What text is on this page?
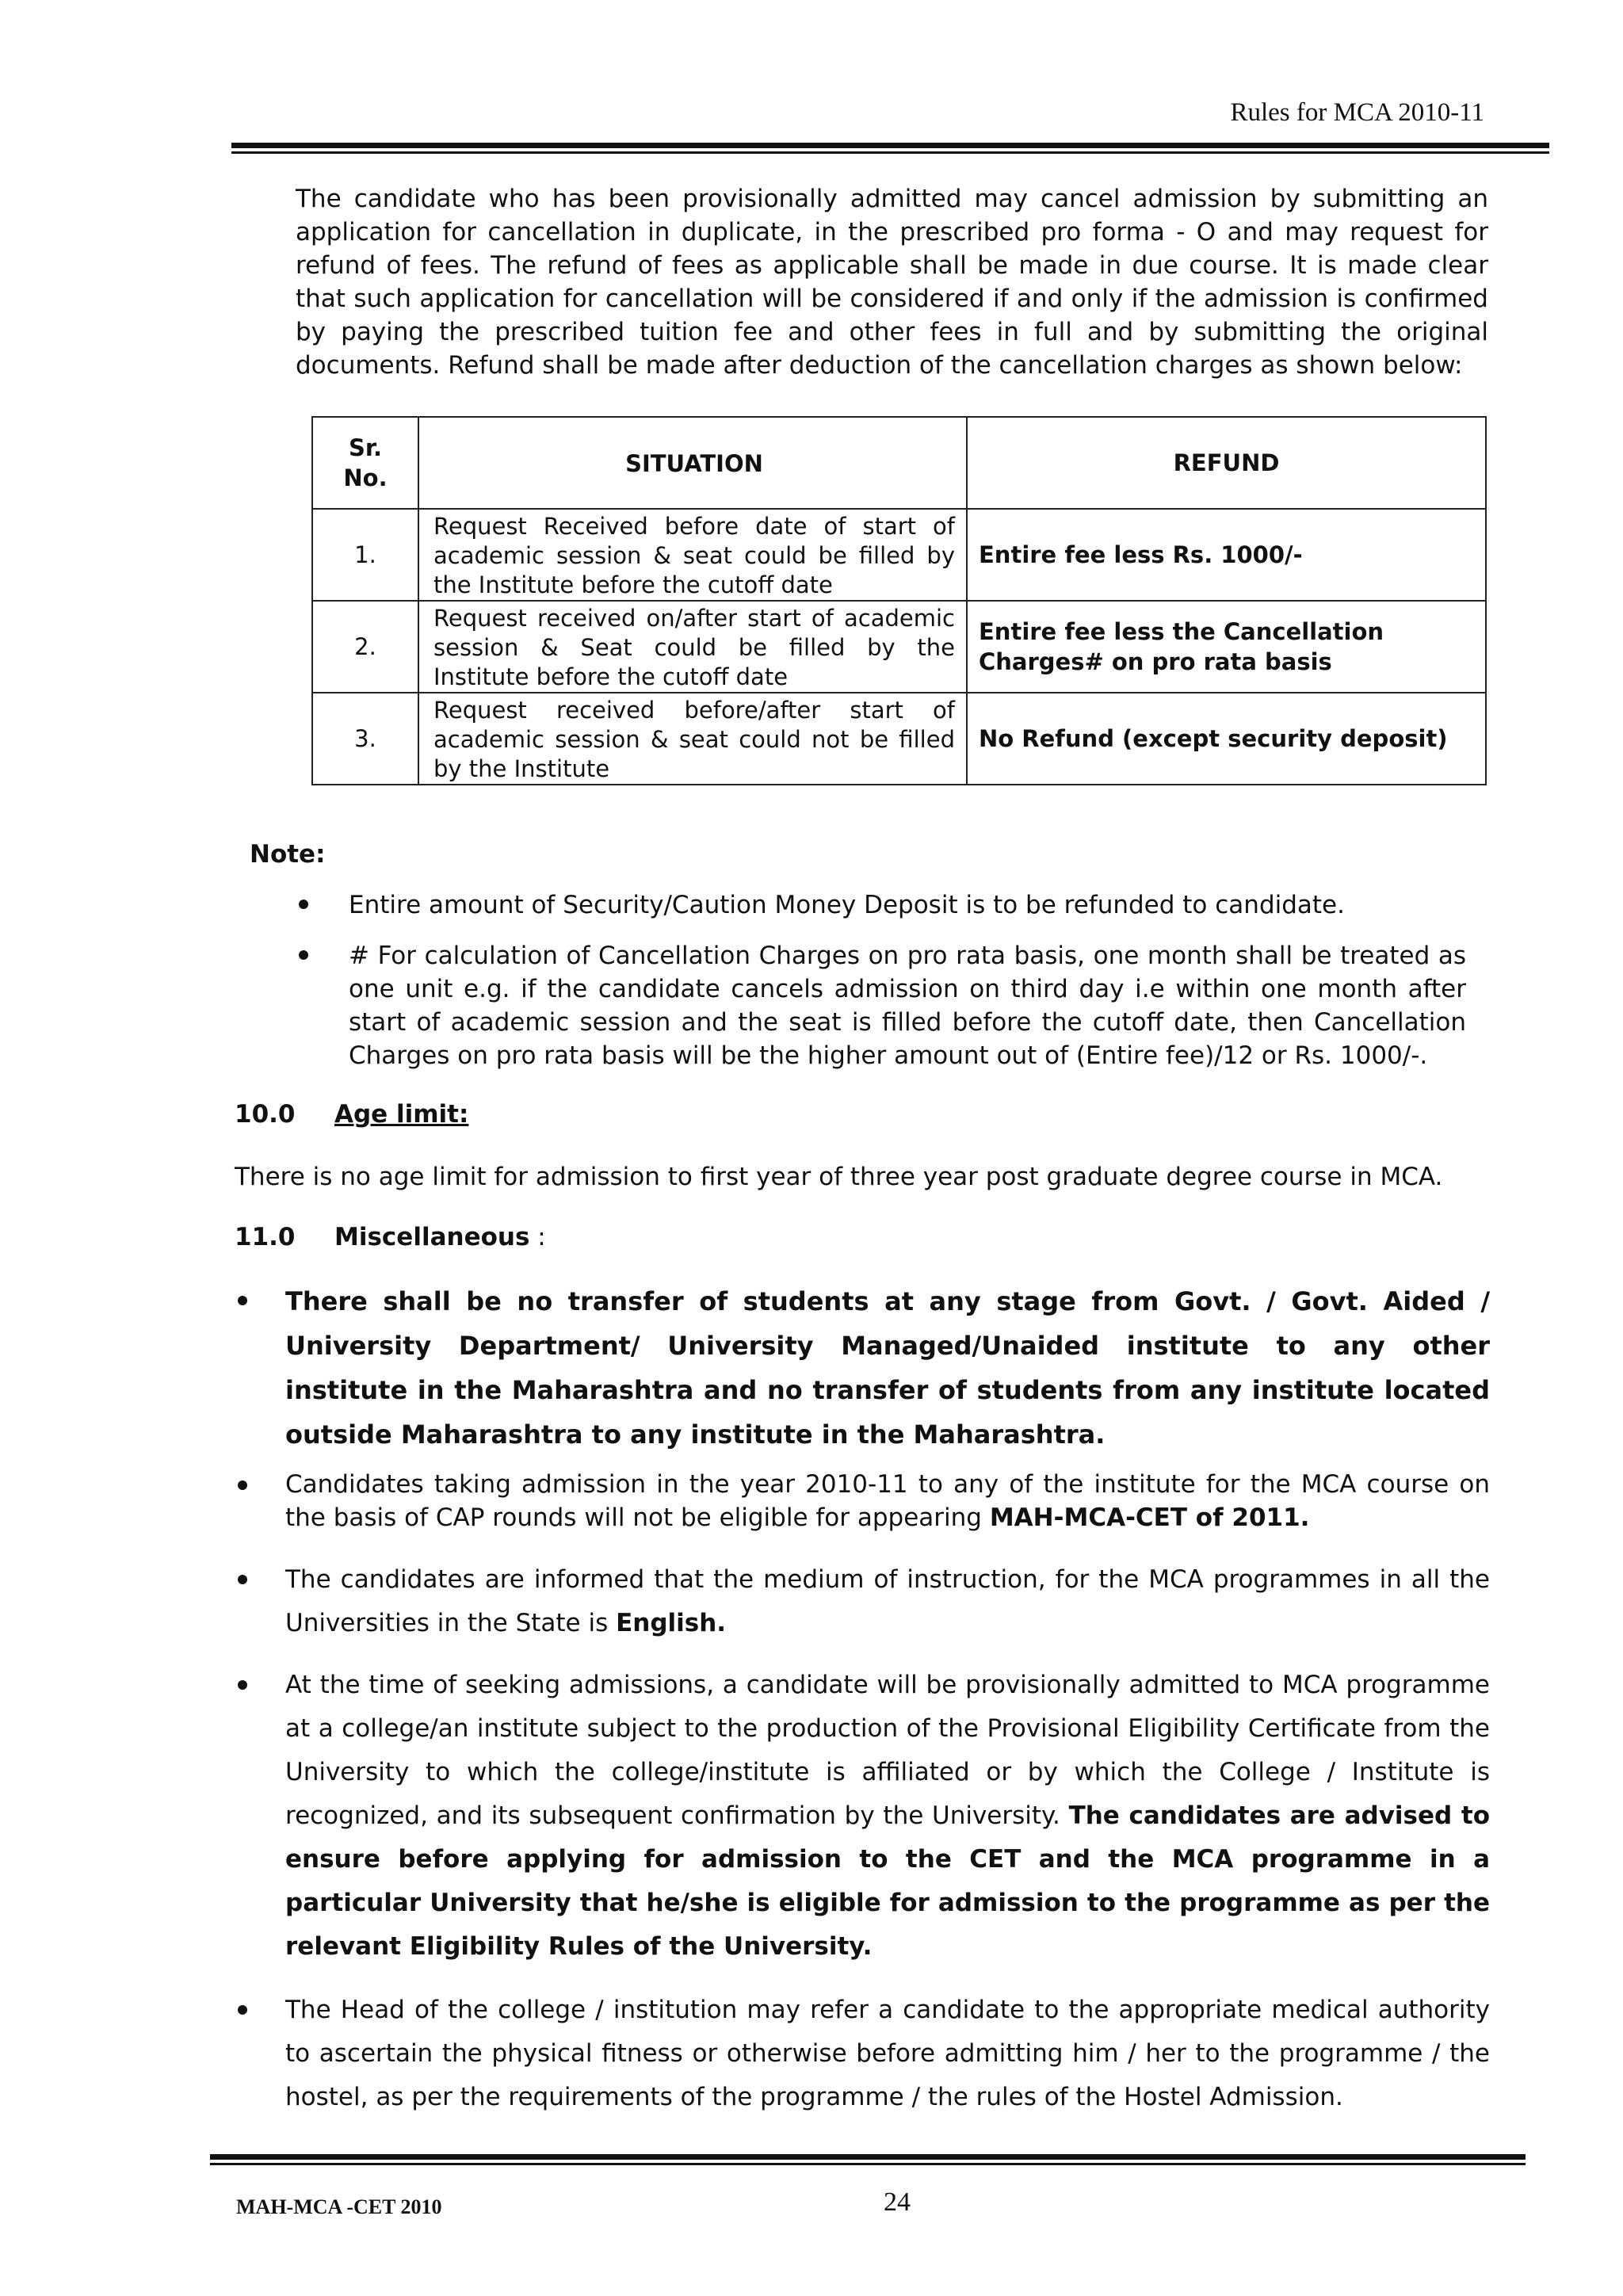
Rules for MCA 2010-11
The candidate who has been provisionally admitted may cancel admission by submitting an application for cancellation in duplicate, in the prescribed pro forma - O and may request for refund of fees. The refund of fees as applicable shall be made in due course. It is made clear that such application for cancellation will be considered if and only if the admission is confirmed by paying the prescribed tuition fee and other fees in full and by submitting the original documents. Refund shall be made after deduction of the cancellation charges as shown below:
Sr. No.	SITUATION	REFUND
1.	Request Received before date of start of academic session & seat could be filled by the Institute before the cutoff date	Entire fee less Rs. 1000/-
2.	Request received on/after start of academic session & Seat could be filled by the Institute before the cutoff date	Entire fee less the Cancellation Charges# on pro rata basis

3.	Request received before/after start of academic session & seat could not be filled by the Institute	No Refund (except security deposit)
Note:
Entire amount of Security/Caution Money Deposit is to be refunded to candidate.
# For calculation of Cancellation Charges on pro rata basis, one month shall be treated as one unit e.g. if the candidate cancels admission on third day i.e within one month after start of academic session and the seat is filled before the cutoff date, then Cancellation Charges on pro rata basis will be the higher amount out of (Entire fee)/12 or Rs. 1000/-.
10.0 Age limit:
There is no age limit for admission to first year of three year post graduate degree course in MCA.
11.0 Miscellaneous :
There shall be no transfer of students at any stage from Govt. / Govt. Aided / University Department/ University Managed/Unaided institute to any other institute in the Maharashtra and no transfer of students from any institute located outside Maharashtra to any institute in the Maharashtra.
Candidates taking admission in the year 2010-11 to any of the institute for the MCA course on the basis of CAP rounds will not be eligible for appearing MAH-MCA-CET of 2011.
The candidates are informed that the medium of instruction, for the MCA programmes in all the Universities in the State is English.
At the time of seeking admissions, a candidate will be provisionally admitted to MCA programme at a college/an institute subject to the production of the Provisional Eligibility Certificate from the University to which the college/institute is affiliated or by which the College / Institute is recognized, and its subsequent confirmation by the University. The candidates are advised to ensure before applying for admission to the CET and the MCA programme in a particular University that he/she is eligible for admission to the programme as per the relevant Eligibility Rules of the University.
The Head of the college / institution may refer a candidate to the appropriate medical authority to ascertain the physical fitness or otherwise before admitting him / her to the programme / the hostel, as per the requirements of the programme / the rules of the Hostel Admission.
MAH-MCA -CET 2010	24
